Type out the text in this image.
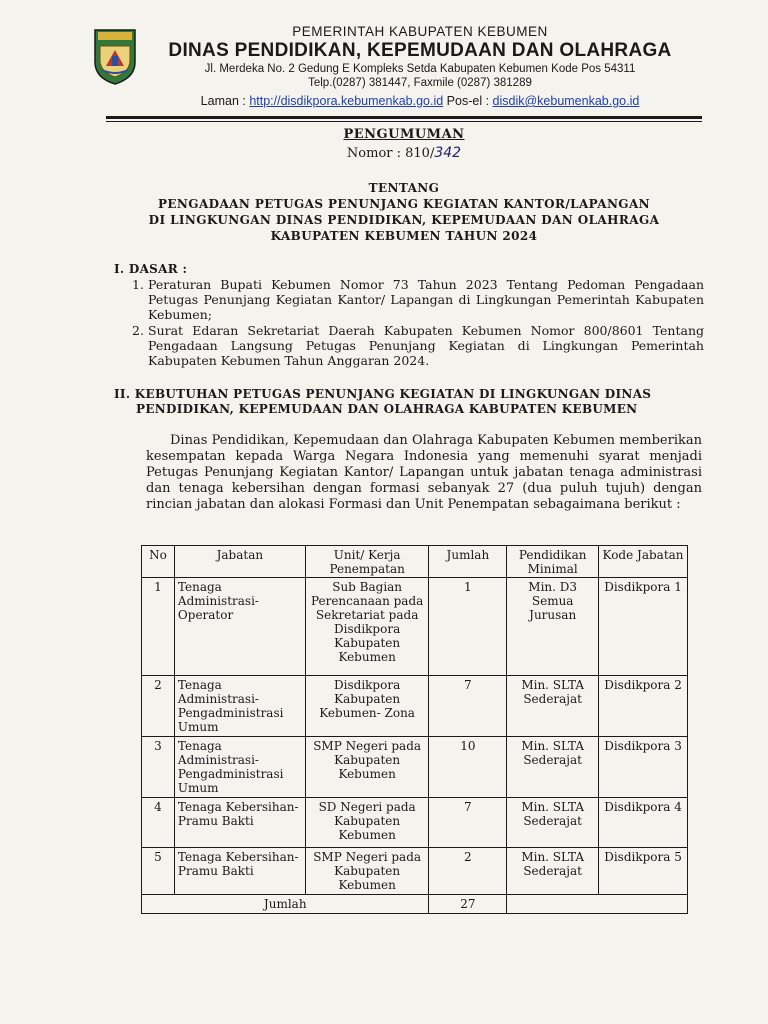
PEMERINTAH KABUPATEN KEBUMEN
DINAS PENDIDIKAN, KEPEMUDAAN DAN OLAHRAGA
Jl. Merdeka No. 2 Gedung E Kompleks Setda Kabupaten Kebumen Kode Pos 54311
Telp.(0287) 381447, Faxmile (0287) 381289
Laman : http://disdikpora.kebumenkab.go.id Pos-el : disdik@kebumenkab.go.id
PENGUMUMAN
Nomor : 810/342
TENTANG
PENGADAAN PETUGAS PENUNJANG KEGIATAN KANTOR/LAPANGAN
DI LINGKUNGAN DINAS PENDIDIKAN, KEPEMUDAAN DAN OLAHRAGA
KABUPATEN KEBUMEN TAHUN 2024
I. DASAR :
1. Peraturan Bupati Kebumen Nomor 73 Tahun 2023 Tentang Pedoman Pengadaan Petugas Penunjang Kegiatan Kantor/ Lapangan di Lingkungan Pemerintah Kabupaten Kebumen;
2. Surat Edaran Sekretariat Daerah Kabupaten Kebumen Nomor 800/8601 Tentang Pengadaan Langsung Petugas Penunjang Kegiatan di Lingkungan Pemerintah Kabupaten Kebumen Tahun Anggaran 2024.
II. KEBUTUHAN PETUGAS PENUNJANG KEGIATAN DI LINGKUNGAN DINAS
PENDIDIKAN, KEPEMUDAAN DAN OLAHRAGA KABUPATEN KEBUMEN
Dinas Pendidikan, Kepemudaan dan Olahraga Kabupaten Kebumen memberikan kesempatan kepada Warga Negara Indonesia yang memenuhi syarat menjadi Petugas Penunjang Kegiatan Kantor/ Lapangan untuk jabatan tenaga administrasi dan tenaga kebersihan dengan formasi sebanyak 27 (dua puluh tujuh) dengan rincian jabatan dan alokasi Formasi dan Unit Penempatan sebagaimana berikut :
No	Jabatan	Unit/ Kerja Penempatan	Jumlah	Pendidikan Minimal	Kode Jabatan
1	Tenaga Administrasi-Operator	Sub Bagian Perencanaan pada Sekretariat pada Disdikpora Kabupaten Kebumen	1	Min. D3 Semua Jurusan	Disdikpora 1
2	Tenaga Administrasi-Pengadministrasi Umum	Disdikpora Kabupaten Kebumen- Zona	7	Min. SLTA Sederajat	Disdikpora 2
3	Tenaga Administrasi-Pengadministrasi Umum	SMP Negeri pada Kabupaten Kebumen	10	Min. SLTA Sederajat	Disdikpora 3
4	Tenaga Kebersihan-Pramu Bakti	SD Negeri pada Kabupaten Kebumen	7	Min. SLTA Sederajat	Disdikpora 4
5	Tenaga Kebersihan-Pramu Bakti	SMP Negeri pada Kabupaten Kebumen	2	Min. SLTA Sederajat	Disdikpora 5
Jumlah			27		
